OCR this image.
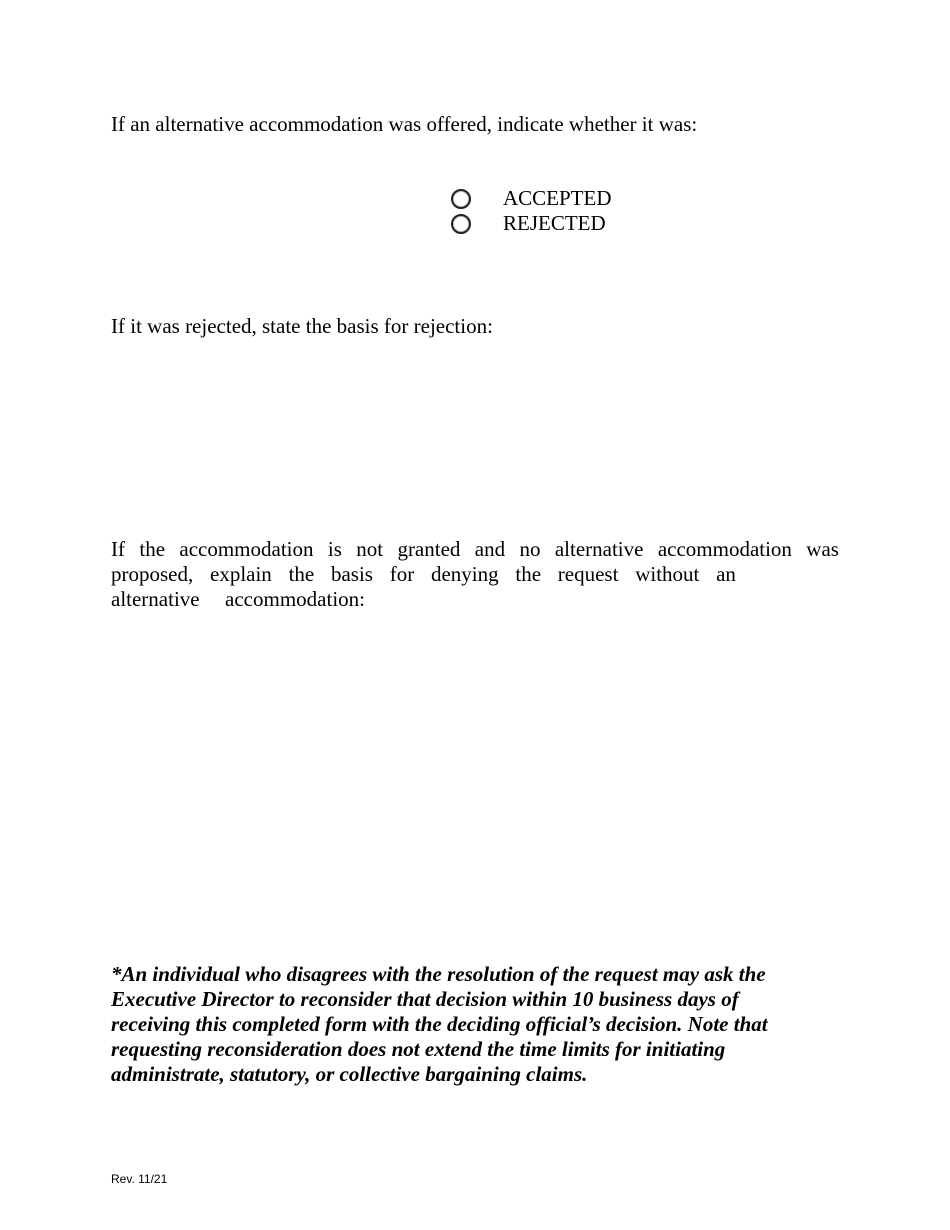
If an alternative accommodation was offered, indicate whether it was:
ACCEPTED
REJECTED
If it was rejected, state the basis for rejection:
If the accommodation is not granted and no alternative accommodation was
proposed, explain the basis for denying the request without an
alternative accommodation:
*An individual who disagrees with the resolution of the request may ask the
Executive Director to reconsider that decision within 10 business days of
receiving this completed form with the deciding official’s decision. Note that
requesting reconsideration does not extend the time limits for initiating
administrate, statutory, or collective bargaining claims.
Rev. 11/21
